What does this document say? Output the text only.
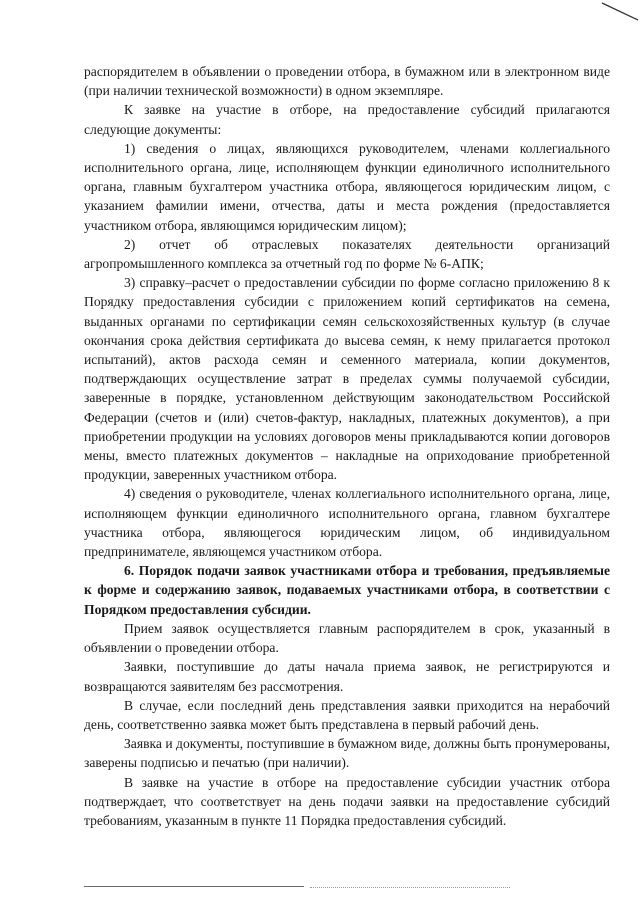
распорядителем в объявлении о проведении отбора, в бумажном или в электронном виде (при наличии технической возможности) в одном экземпляре.

К заявке на участие в отборе, на предоставление субсидий прилагаются следующие документы:

1) сведения о лицах, являющихся руководителем, членами коллегиального исполнительного органа, лице, исполняющем функции единоличного исполнительного органа, главным бухгалтером участника отбора, являющегося юридическим лицом, с указанием фамилии имени, отчества, даты и места рождения (предоставляется участником отбора, являющимся юридическим лицом);

2) отчет об отраслевых показателях деятельности организаций агропромышленного комплекса за отчетный год по форме № 6-АПК;

3) справку–расчет о предоставлении субсидии по форме согласно приложению 8 к Порядку предоставления субсидии с приложением копий сертификатов на семена, выданных органами по сертификации семян сельскохозяйственных культур (в случае окончания срока действия сертификата до высева семян, к нему прилагается протокол испытаний), актов расхода семян и семенного материала, копии документов, подтверждающих осуществление затрат в пределах суммы получаемой субсидии, заверенные в порядке, установленном действующим законодательством Российской Федерации (счетов и (или) счетов-фактур, накладных, платежных документов), а при приобретении продукции на условиях договоров мены прикладываются копии договоров мены, вместо платежных документов – накладные на оприходование приобретенной продукции, заверенных участником отбора.

4) сведения о руководителе, членах коллегиального исполнительного органа, лице, исполняющем функции единоличного исполнительного органа, главном бухгалтере участника отбора, являющегося юридическим лицом, об индивидуальном предпринимателе, являющемся участником отбора.

6. Порядок подачи заявок участниками отбора и требования, предъявляемые к форме и содержанию заявок, подаваемых участниками отбора, в соответствии с Порядком предоставления субсидии.

Прием заявок осуществляется главным распорядителем в срок, указанный в объявлении о проведении отбора.

Заявки, поступившие до даты начала приема заявок, не регистрируются и возвращаются заявителям без рассмотрения.

В случае, если последний день представления заявки приходится на нерабочий день, соответственно заявка может быть представлена в первый рабочий день.

Заявка и документы, поступившие в бумажном виде, должны быть пронумерованы, заверены подписью и печатью (при наличии).

В заявке на участие в отборе на предоставление субсидии участник отбора подтверждает, что соответствует на день подачи заявки на предоставление субсидий требованиям, указанным в пункте 11 Порядка предоставления субсидий.
